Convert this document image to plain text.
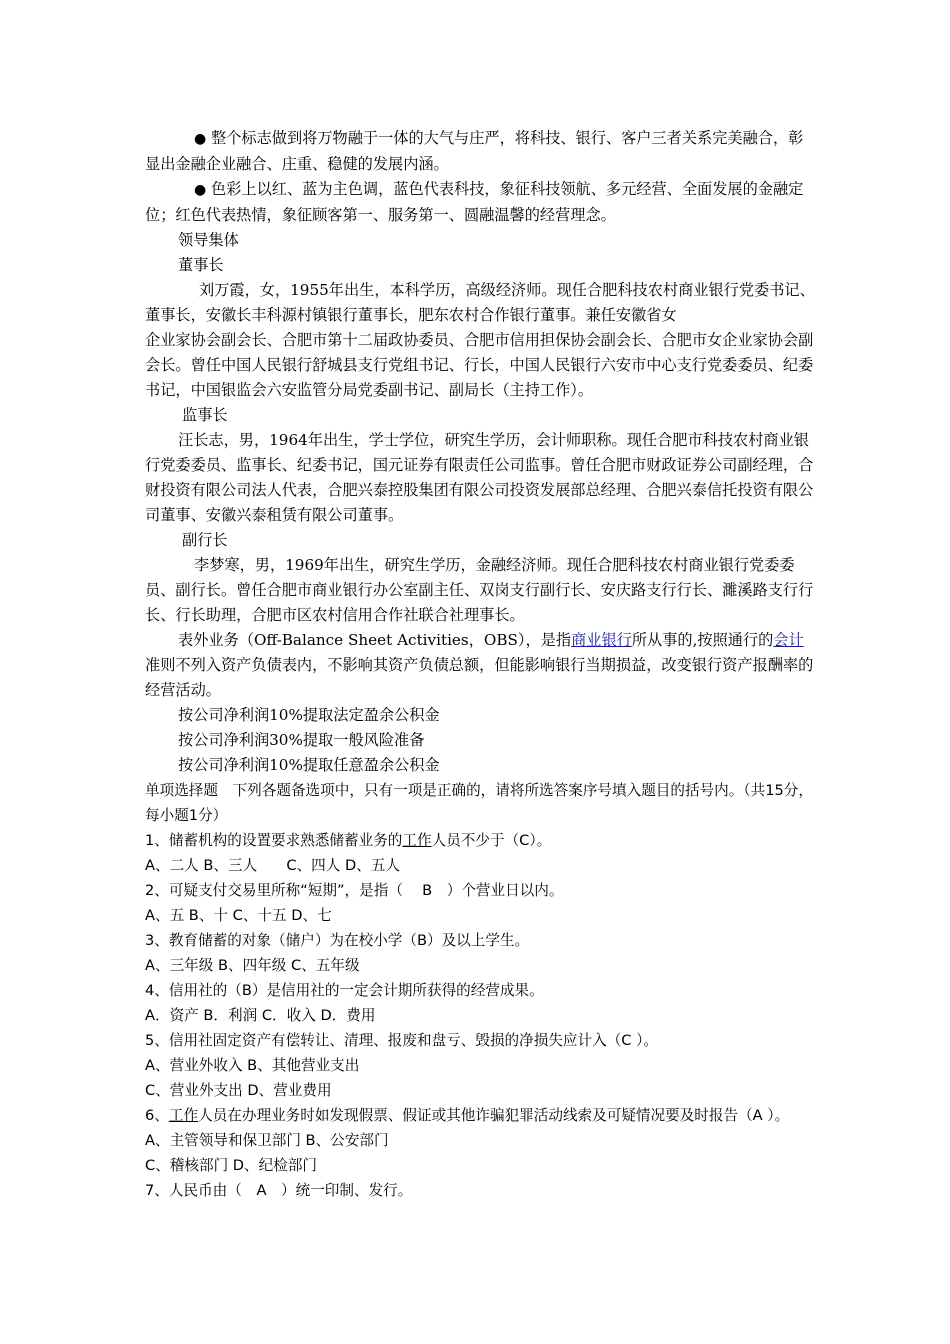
● 整个标志做到将万物融于一体的大气与庄严，将科技、银行、客户三者关系完美融合，彰显出金融企业融合、庄重、稳健的发展内涵。

● 色彩上以红、蓝为主色调，蓝色代表科技，象征科技领航、多元经营、全面发展的金融定位；红色代表热情，象征顾客第一、服务第一、圆融温馨的经营理念。

领导集体

董事长

刘万霞，女，1955年出生，本科学历，高级经济师。现任合肥科技农村商业银行党委书记、董事长，安徽长丰科源村镇银行董事长，肥东农村合作银行董事。兼任安徽省女

企业家协会副会长、合肥市第十二届政协委员、合肥市信用担保协会副会长、合肥市女企业家协会副会长。曾任中国人民银行舒城县支行党组书记、行长，中国人民银行六安市中心支行党委委员、纪委书记，中国银监会六安监管分局党委副书记、副局长（主持工作）。

监事长

汪长志，男，1964年出生，学士学位，研究生学历，会计师职称。现任合肥市科技农村商业银行党委委员、监事长、纪委书记，国元证券有限责任公司监事。曾任合肥市财政证券公司副经理，合财投资有限公司法人代表，合肥兴泰控股集团有限公司投资发展部总经理、合肥兴泰信托投资有限公司董事、安徽兴泰租赁有限公司董事。

副行长

李梦寒，男，1969年出生，研究生学历，金融经济师。现任合肥科技农村商业银行党委委员、副行长。曾任合肥市商业银行办公室副主任、双岗支行副行长、安庆路支行行长、濉溪路支行行长、行长助理，合肥市区农村信用合作社联合社理事长。

表外业务（Off-Balance Sheet Activities，OBS），是指商业银行所从事的,按照通行的会计准则不列入资产负债表内，不影响其资产负债总额，但能影响银行当期损益，改变银行资产报酬率的经营活动。

按公司净利润10%提取法定盈余公积金

按公司净利润30%提取一般风险准备

按公司净利润10%提取任意盈余公积金

单项选择题　下列各题备选项中，只有一项是正确的，请将所选答案序号填入题目的括号内。（共15分，每小题1分）

1、储蓄机构的设置要求熟悉储蓄业务的工作人员不少于（C）。

A、二人 B、三人　　C、四人 D、五人

2、可疑支付交易里所称“短期”，是指（　 B　）个营业日以内。

A、五 B、十 C、十五 D、七

3、教育储蓄的对象（储户）为在校小学（B）及以上学生。

A、三年级 B、四年级 C、五年级

4、信用社的（B）是信用社的一定会计期所获得的经营成果。

A．资产 B．利润 C．收入 D．费用

5、信用社固定资产有偿转让、清理、报废和盘亏、毁损的净损失应计入（C ）。

A、营业外收入 B、其他营业支出

C、营业外支出 D、营业费用

6、工作人员在办理业务时如发现假票、假证或其他诈骗犯罪活动线索及可疑情况要及时报告（A ）。

A、主管领导和保卫部门 B、公安部门

C、稽核部门 D、纪检部门

7、人民币由（　A　）统一印制、发行。
